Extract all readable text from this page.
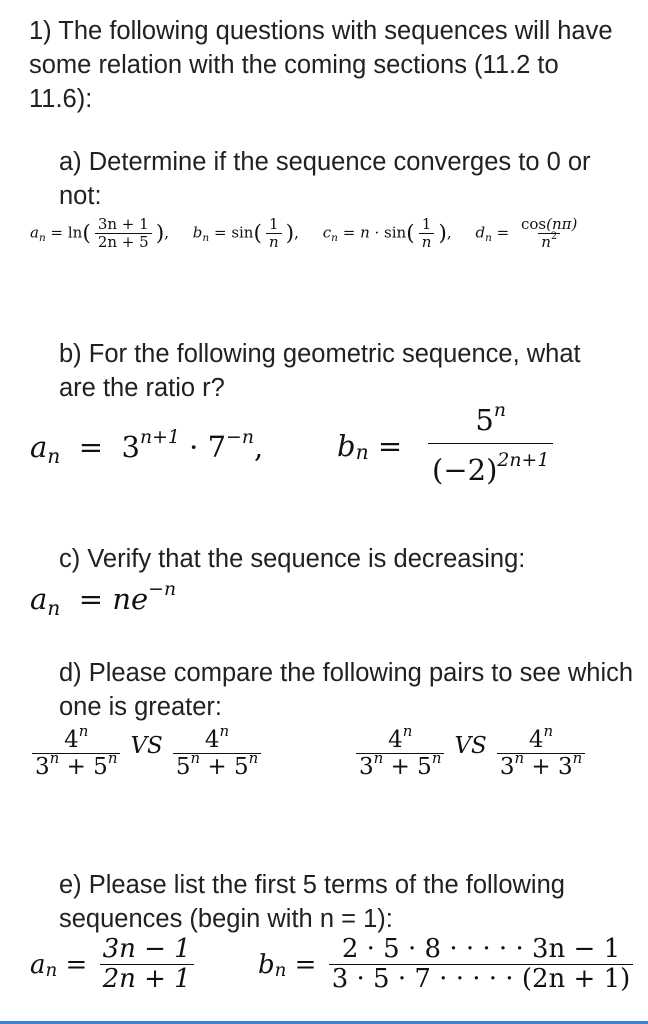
1) The following questions with sequences will have some relation with the coming sections (11.2 to 11.6):

a) Determine if the sequence converges to 0 or not:

$a_n = \ln( \frac{3n + 1}{2n + 5}$ ),     $b_n = \sin( \frac{1}{n}$ ),     $c_n = n \cdot \sin( \frac{1}{n}$ ),     $d_n = \frac{\cos(n\pi)}{n^2}$

b) For the following geometric sequence, what are the ratio r?

$a_n = 3^{n+1} \cdot 7^{-n}$,	$b_n$
=
$\frac{5^n}{(-2)^{2n+1}}$

c) Verify that the sequence is decreasing:

$a_n = ne^{-n}$

d) Please compare the following pairs to see which one is greater:

$\frac{4^n}{3^n + 5^n}$ VS $\frac{4^n}{5^n + 5^n}$	$\frac{4^n}{3^n + 5^n}$ VS $\frac{4^n}{3^n + 3^n}$

e) Please list the first 5 terms of the following sequences (begin with n = 1):

$a_n$
=
$\frac{3n - 1}{2n + 1} b_n$
=
$\frac{2 \cdot 5 \cdot 8 \cdot \cdot \cdot \cdot \cdot 3n - 1}{3 \cdot 5 \cdot 7 \cdot \cdot \cdot \cdot \cdot (2n + 1)}$
